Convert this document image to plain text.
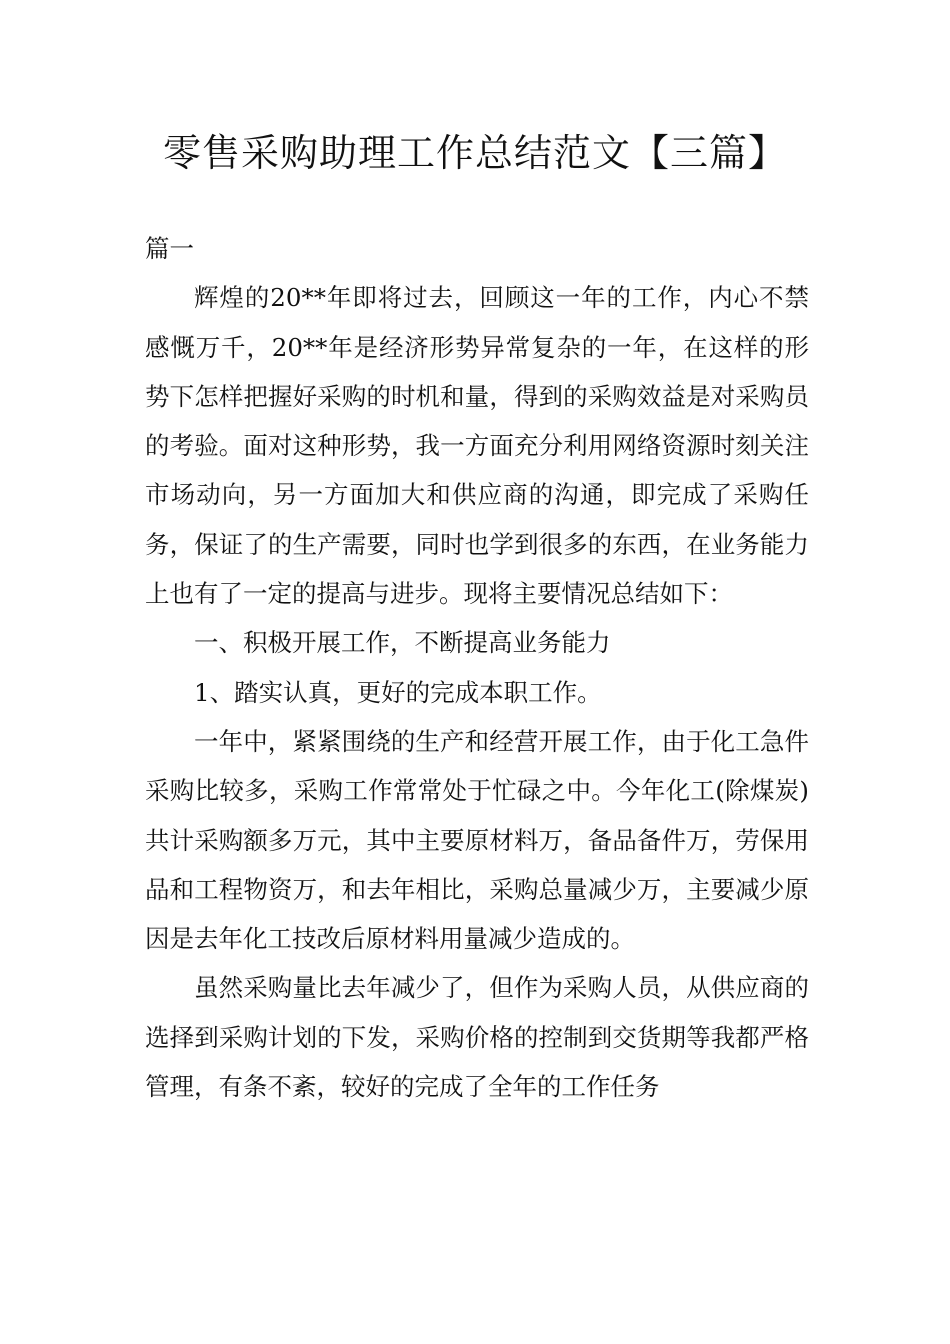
零售采购助理工作总结范文【三篇】

篇一

辉煌的20**年即将过去，回顾这一年的工作，内心不禁感慨万千，20**年是经济形势异常复杂的一年，在这样的形势下怎样把握好采购的时机和量，得到的采购效益是对采购员的考验。面对这种形势，我一方面充分利用网络资源时刻关注市场动向，另一方面加大和供应商的沟通，即完成了采购任务，保证了的生产需要，同时也学到很多的东西，在业务能力上也有了一定的提高与进步。现将主要情况总结如下：

一、积极开展工作，不断提高业务能力

1、踏实认真，更好的完成本职工作。

一年中，紧紧围绕的生产和经营开展工作，由于化工急件采购比较多，采购工作常常处于忙碌之中。今年化工(除煤炭)共计采购额多万元，其中主要原材料万，备品备件万，劳保用品和工程物资万，和去年相比，采购总量减少万，主要减少原因是去年化工技改后原材料用量减少造成的。

虽然采购量比去年减少了，但作为采购人员，从供应商的选择到采购计划的下发，采购价格的控制到交货期等我都严格管理，有条不紊，较好的完成了全年的工作任务
